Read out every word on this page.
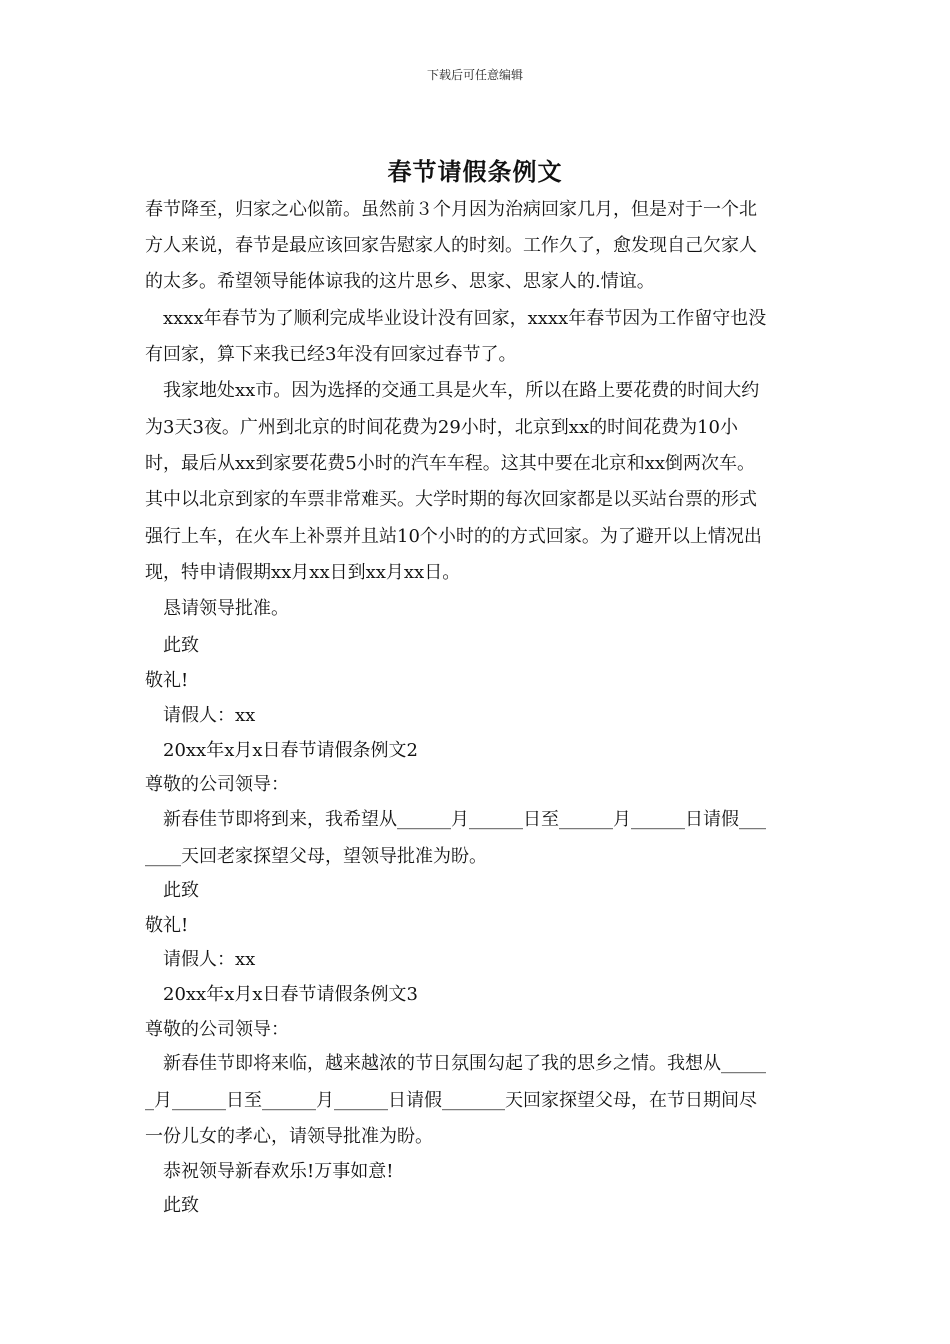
下载后可任意编辑
春节请假条例文
春节降至，归家之心似箭。虽然前３个月因为治病回家几月，但是对于一个北
方人来说，春节是最应该回家告慰家人的时刻。工作久了，愈发现自己欠家人
的太多。希望领导能体谅我的这片思乡、思家、思家人的.情谊。
　xxxx年春节为了顺利完成毕业设计没有回家，xxxx年春节因为工作留守也没
有回家，算下来我已经3年没有回家过春节了。
　我家地处xx市。因为选择的交通工具是火车，所以在路上要花费的时间大约
为3天3夜。广州到北京的时间花费为29小时，北京到xx的时间花费为10小
时，最后从xx到家要花费5小时的汽车车程。这其中要在北京和xx倒两次车。
其中以北京到家的车票非常难买。大学时期的每次回家都是以买站台票的形式
强行上车，在火车上补票并且站10个小时的的方式回家。为了避开以上情况出
现，特申请假期xx月xx日到xx月xx日。
　恳请领导批准。
　此致
敬礼!
　请假人：xx
　20xx年x月x日春节请假条例文2
尊敬的公司领导：
　新春佳节即将到来，我希望从______月______日至______月______日请假___
____天回老家探望父母，望领导批准为盼。
　此致
敬礼!
　请假人：xx
　20xx年x月x日春节请假条例文3
尊敬的公司领导：
　新春佳节即将来临，越来越浓的节日氛围勾起了我的思乡之情。我想从_____
_月______日至______月______日请假_______天回家探望父母，在节日期间尽
一份儿女的孝心，请领导批准为盼。
　恭祝领导新春欢乐!万事如意!
　此致
